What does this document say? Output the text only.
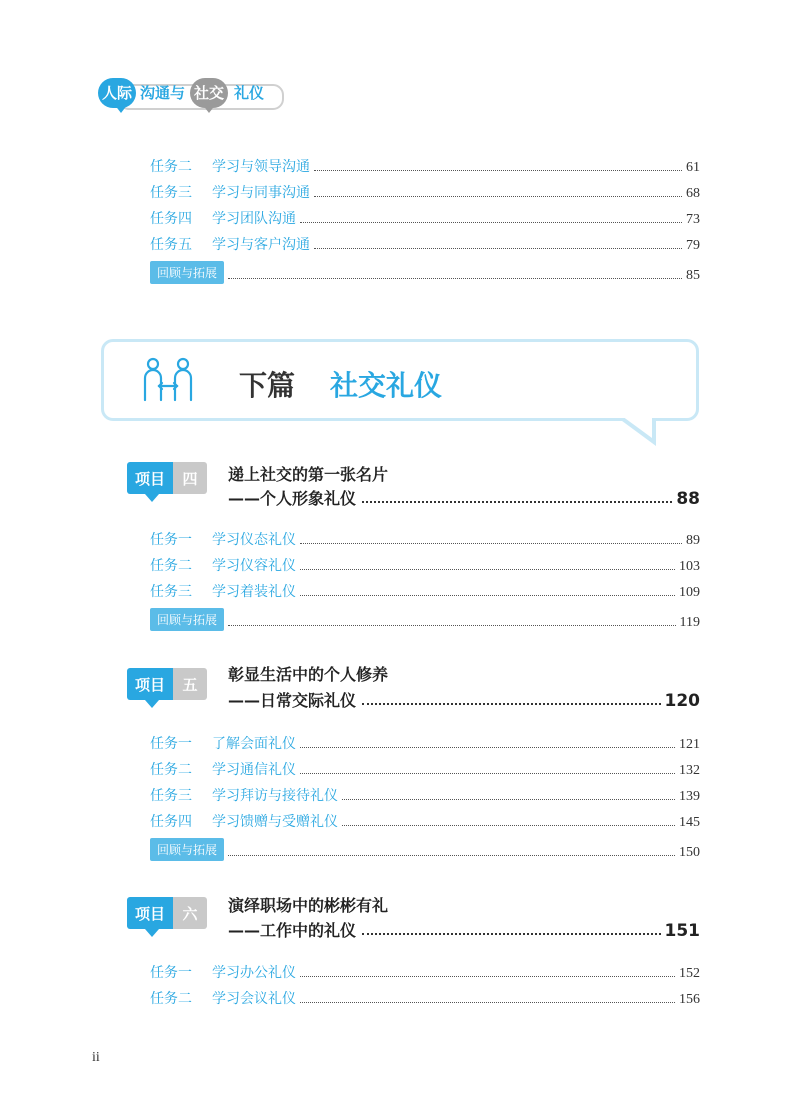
人际 沟通与 社交 礼仪
任务二 学习与领导沟通	61
任务三 学习与同事沟通	68
任务四 学习团队沟通	73
任务五 学习与客户沟通	79
回顾与拓展	85
下篇 社交礼仪
项目	四	递上社交的第一张名片
——个人形象礼仪	88
任务一 学习仪态礼仪	89
任务二 学习仪容礼仪	103
任务三 学习着装礼仪	109
回顾与拓展	119
项目	五
彰显生活中的个人修养
——日常交际礼仪	120
任务一 了解会面礼仪	121
任务二 学习通信礼仪	132
任务三 学习拜访与接待礼仪	139
任务四 学习馈赠与受赠礼仪	145
回顾与拓展	150
项目	六	演绎职场中的彬彬有礼
——工作中的礼仪	151
任务一 学习办公礼仪	152
任务二 学习会议礼仪	156
ii
